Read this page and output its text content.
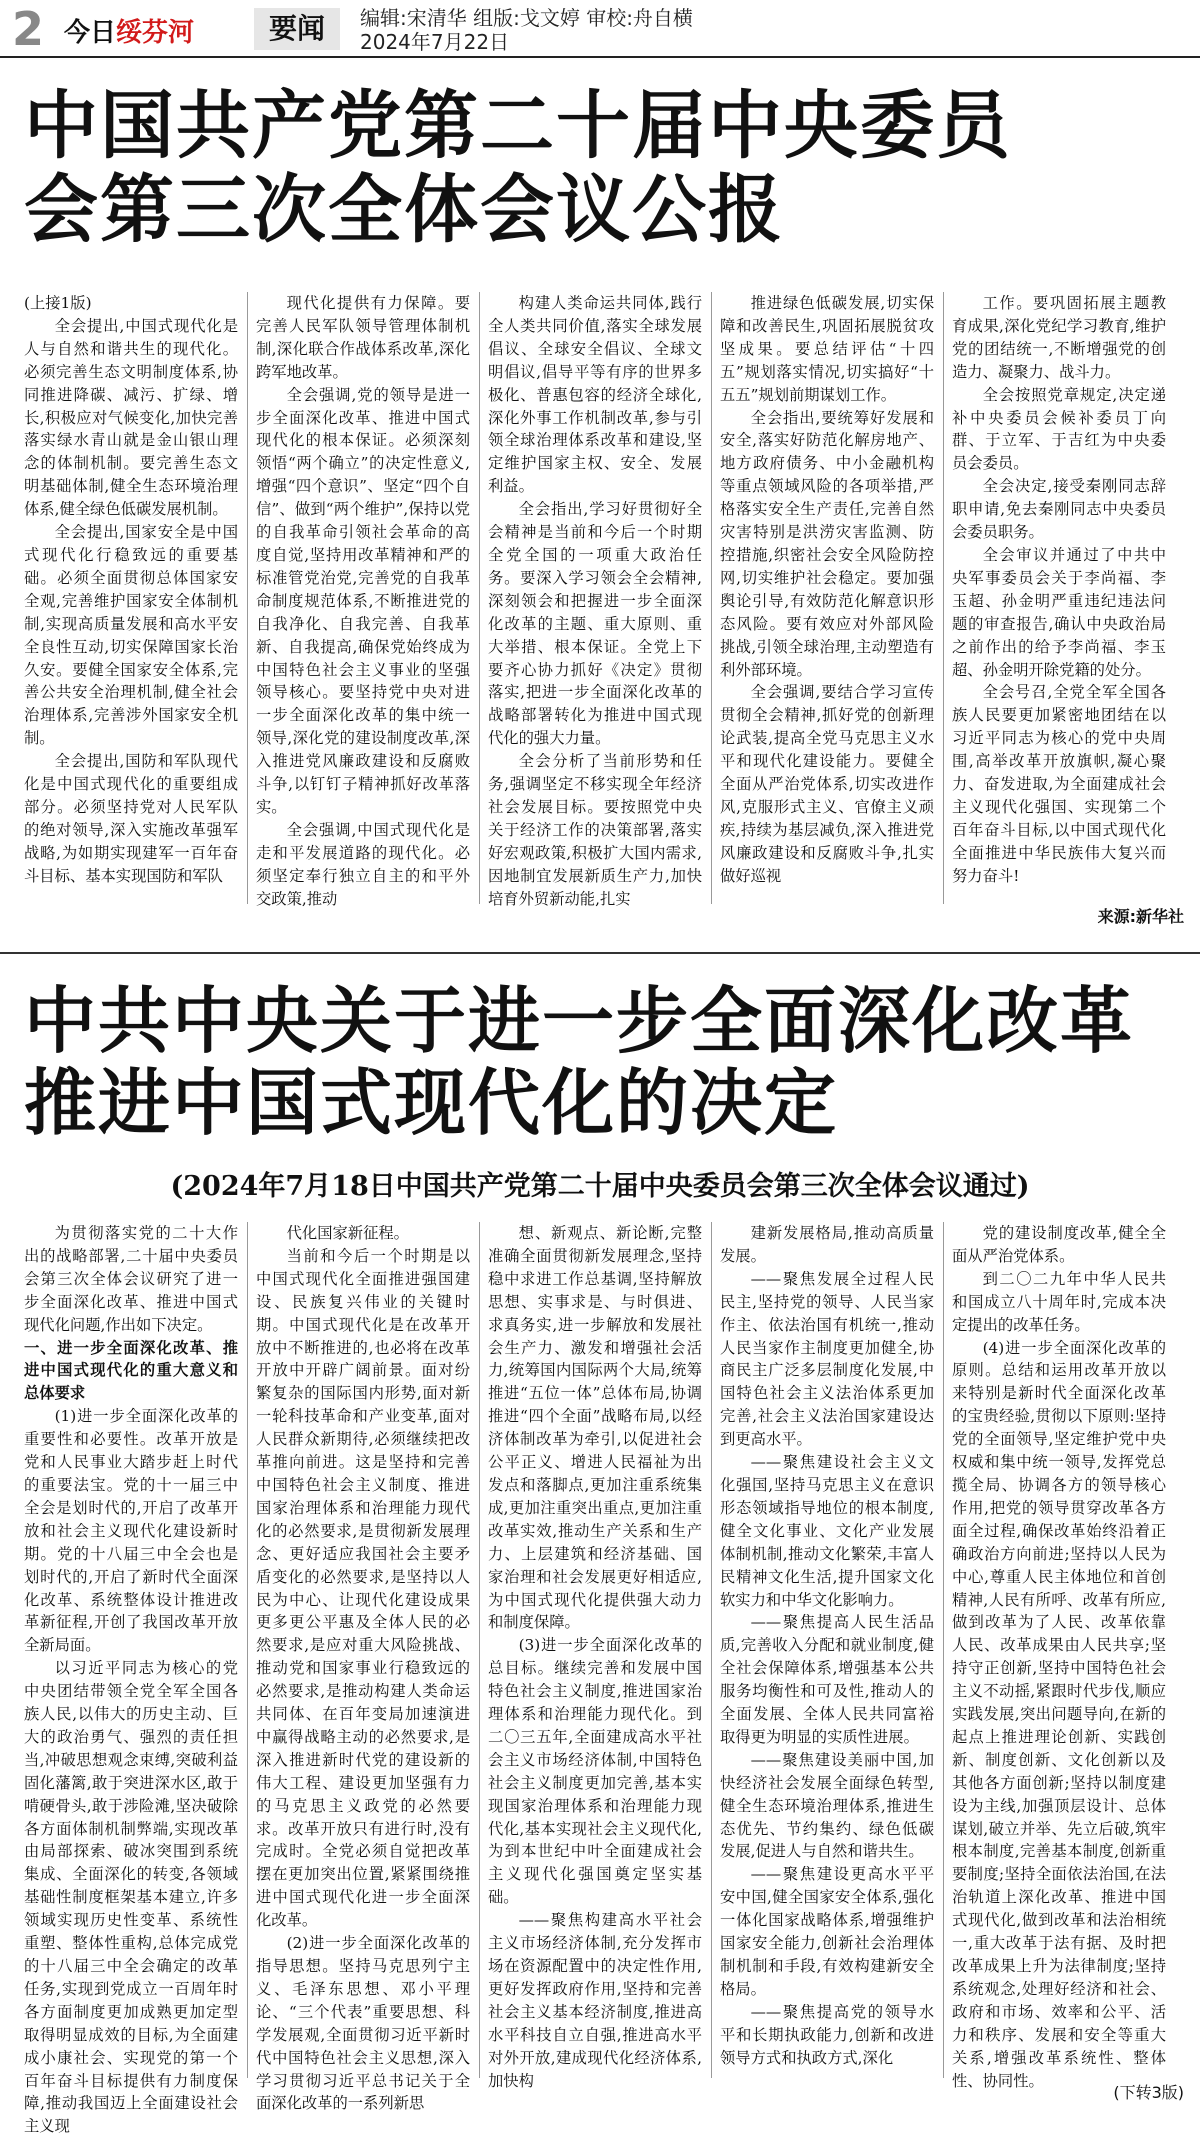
2 今日绥芬河	要闻	编辑:宋清华 组版:戈文婷 审校:舟自横
2024年7月22日
中国共产党第二十届中央委员
会第三次全体会议公报

(上接1版)

全会提出,中国式现代化是人与自然和谐共生的现代化。必须完善生态文明制度体系,协同推进降碳、减污、扩绿、增长,积极应对气候变化,加快完善落实绿水青山就是金山银山理念的体制机制。要完善生态文明基础体制,健全生态环境治理体系,健全绿色低碳发展机制。

全会提出,国家安全是中国式现代化行稳致远的重要基础。必须全面贯彻总体国家安全观,完善维护国家安全体制机制,实现高质量发展和高水平安全良性互动,切实保障国家长治久安。要健全国家安全体系,完善公共安全治理机制,健全社会治理体系,完善涉外国家安全机制。

全会提出,国防和军队现代化是中国式现代化的重要组成部分。必须坚持党对人民军队的绝对领导,深入实施改革强军战略,为如期实现建军一百年奋斗目标、基本实现国防和军队

现代化提供有力保障。要完善人民军队领导管理体制机制,深化联合作战体系改革,深化跨军地改革。

全会强调,党的领导是进一步全面深化改革、推进中国式现代化的根本保证。必须深刻领悟“两个确立”的决定性意义,增强“四个意识”、坚定“四个自信”、做到“两个维护”,保持以党的自我革命引领社会革命的高度自觉,坚持用改革精神和严的标准管党治党,完善党的自我革命制度规范体系,不断推进党的自我净化、自我完善、自我革新、自我提高,确保党始终成为中国特色社会主义事业的坚强领导核心。要坚持党中央对进一步全面深化改革的集中统一领导,深化党的建设制度改革,深入推进党风廉政建设和反腐败斗争,以钉钉子精神抓好改革落实。

全会强调,中国式现代化是走和平发展道路的现代化。必须坚定奉行独立自主的和平外交政策,推动

构建人类命运共同体,践行全人类共同价值,落实全球发展倡议、全球安全倡议、全球文明倡议,倡导平等有序的世界多极化、普惠包容的经济全球化,深化外事工作机制改革,参与引领全球治理体系改革和建设,坚定维护国家主权、安全、发展利益。

全会指出,学习好贯彻好全会精神是当前和今后一个时期全党全国的一项重大政治任务。要深入学习领会全会精神,深刻领会和把握进一步全面深化改革的主题、重大原则、重大举措、根本保证。全党上下要齐心协力抓好《决定》贯彻落实,把进一步全面深化改革的战略部署转化为推进中国式现代化的强大力量。

全会分析了当前形势和任务,强调坚定不移实现全年经济社会发展目标。要按照党中央关于经济工作的决策部署,落实好宏观政策,积极扩大国内需求,因地制宜发展新质生产力,加快培育外贸新动能,扎实

推进绿色低碳发展,切实保障和改善民生,巩固拓展脱贫攻坚成果。要总结评估“十四五”规划落实情况,切实搞好“十五五”规划前期谋划工作。

全会指出,要统筹好发展和安全,落实好防范化解房地产、地方政府债务、中小金融机构等重点领域风险的各项举措,严格落实安全生产责任,完善自然灾害特别是洪涝灾害监测、防控措施,织密社会安全风险防控网,切实维护社会稳定。要加强舆论引导,有效防范化解意识形态风险。要有效应对外部风险挑战,引领全球治理,主动塑造有利外部环境。

全会强调,要结合学习宣传贯彻全会精神,抓好党的创新理论武装,提高全党马克思主义水平和现代化建设能力。要健全全面从严治党体系,切实改进作风,克服形式主义、官僚主义顽疾,持续为基层减负,深入推进党风廉政建设和反腐败斗争,扎实做好巡视

工作。要巩固拓展主题教育成果,深化党纪学习教育,维护党的团结统一,不断增强党的创造力、凝聚力、战斗力。

全会按照党章规定,决定递补中央委员会候补委员丁向群、于立军、于吉红为中央委员会委员。

全会决定,接受秦刚同志辞职申请,免去秦刚同志中央委员会委员职务。

全会审议并通过了中共中央军事委员会关于李尚福、李玉超、孙金明严重违纪违法问题的审查报告,确认中央政治局之前作出的给予李尚福、李玉超、孙金明开除党籍的处分。

全会号召,全党全军全国各族人民要更加紧密地团结在以习近平同志为核心的党中央周围,高举改革开放旗帜,凝心聚力、奋发进取,为全面建成社会主义现代化强国、实现第二个百年奋斗目标,以中国式现代化全面推进中华民族伟大复兴而努力奋斗!

来源:新华社
中共中央关于进一步全面深化改革
推进中国式现代化的决定
(2024年7月18日中国共产党第二十届中央委员会第三次全体会议通过)

为贯彻落实党的二十大作出的战略部署,二十届中央委员会第三次全体会议研究了进一步全面深化改革、推进中国式现代化问题,作出如下决定。

一、进一步全面深化改革、推进中国式现代化的重大意义和总体要求

(1)进一步全面深化改革的重要性和必要性。改革开放是党和人民事业大踏步赶上时代的重要法宝。党的十一届三中全会是划时代的,开启了改革开放和社会主义现代化建设新时期。党的十八届三中全会也是划时代的,开启了新时代全面深化改革、系统整体设计推进改革新征程,开创了我国改革开放全新局面。

以习近平同志为核心的党中央团结带领全党全军全国各族人民,以伟大的历史主动、巨大的政治勇气、强烈的责任担当,冲破思想观念束缚,突破利益固化藩篱,敢于突进深水区,敢于啃硬骨头,敢于涉险滩,坚决破除各方面体制机制弊端,实现改革由局部探索、破冰突围到系统集成、全面深化的转变,各领域基础性制度框架基本建立,许多领域实现历史性变革、系统性重塑、整体性重构,总体完成党的十八届三中全会确定的改革任务,实现到党成立一百周年时各方面制度更加成熟更加定型取得明显成效的目标,为全面建成小康社会、实现党的第一个百年奋斗目标提供有力制度保障,推动我国迈上全面建设社会主义现

代化国家新征程。

当前和今后一个时期是以中国式现代化全面推进强国建设、民族复兴伟业的关键时期。中国式现代化是在改革开放中不断推进的,也必将在改革开放中开辟广阔前景。面对纷繁复杂的国际国内形势,面对新一轮科技革命和产业变革,面对人民群众新期待,必须继续把改革推向前进。这是坚持和完善中国特色社会主义制度、推进国家治理体系和治理能力现代化的必然要求,是贯彻新发展理念、更好适应我国社会主要矛盾变化的必然要求,是坚持以人民为中心、让现代化建设成果更多更公平惠及全体人民的必然要求,是应对重大风险挑战、推动党和国家事业行稳致远的必然要求,是推动构建人类命运共同体、在百年变局加速演进中赢得战略主动的必然要求,是深入推进新时代党的建设新的伟大工程、建设更加坚强有力的马克思主义政党的必然要求。改革开放只有进行时,没有完成时。全党必须自觉把改革摆在更加突出位置,紧紧围绕推进中国式现代化进一步全面深化改革。

(2)进一步全面深化改革的指导思想。坚持马克思列宁主义、毛泽东思想、邓小平理论、“三个代表”重要思想、科学发展观,全面贯彻习近平新时代中国特色社会主义思想,深入学习贯彻习近平总书记关于全面深化改革的一系列新思

想、新观点、新论断,完整准确全面贯彻新发展理念,坚持稳中求进工作总基调,坚持解放思想、实事求是、与时俱进、求真务实,进一步解放和发展社会生产力、激发和增强社会活力,统筹国内国际两个大局,统筹推进“五位一体”总体布局,协调推进“四个全面”战略布局,以经济体制改革为牵引,以促进社会公平正义、增进人民福祉为出发点和落脚点,更加注重系统集成,更加注重突出重点,更加注重改革实效,推动生产关系和生产力、上层建筑和经济基础、国家治理和社会发展更好相适应,为中国式现代化提供强大动力和制度保障。

(3)进一步全面深化改革的总目标。继续完善和发展中国特色社会主义制度,推进国家治理体系和治理能力现代化。到二〇三五年,全面建成高水平社会主义市场经济体制,中国特色社会主义制度更加完善,基本实现国家治理体系和治理能力现代化,基本实现社会主义现代化,为到本世纪中叶全面建成社会主义现代化强国奠定坚实基础。

——聚焦构建高水平社会主义市场经济体制,充分发挥市场在资源配置中的决定性作用,更好发挥政府作用,坚持和完善社会主义基本经济制度,推进高水平科技自立自强,推进高水平对外开放,建成现代化经济体系,加快构

建新发展格局,推动高质量发展。

——聚焦发展全过程人民民主,坚持党的领导、人民当家作主、依法治国有机统一,推动人民当家作主制度更加健全,协商民主广泛多层制度化发展,中国特色社会主义法治体系更加完善,社会主义法治国家建设达到更高水平。

——聚焦建设社会主义文化强国,坚持马克思主义在意识形态领域指导地位的根本制度,健全文化事业、文化产业发展体制机制,推动文化繁荣,丰富人民精神文化生活,提升国家文化软实力和中华文化影响力。

——聚焦提高人民生活品质,完善收入分配和就业制度,健全社会保障体系,增强基本公共服务均衡性和可及性,推动人的全面发展、全体人民共同富裕取得更为明显的实质性进展。

——聚焦建设美丽中国,加快经济社会发展全面绿色转型,健全生态环境治理体系,推进生态优先、节约集约、绿色低碳发展,促进人与自然和谐共生。

——聚焦建设更高水平平安中国,健全国家安全体系,强化一体化国家战略体系,增强维护国家安全能力,创新社会治理体制机制和手段,有效构建新安全格局。

——聚焦提高党的领导水平和长期执政能力,创新和改进领导方式和执政方式,深化

党的建设制度改革,健全全面从严治党体系。

到二〇二九年中华人民共和国成立八十周年时,完成本决定提出的改革任务。

(4)进一步全面深化改革的原则。总结和运用改革开放以来特别是新时代全面深化改革的宝贵经验,贯彻以下原则:坚持党的全面领导,坚定维护党中央权威和集中统一领导,发挥党总揽全局、协调各方的领导核心作用,把党的领导贯穿改革各方面全过程,确保改革始终沿着正确政治方向前进;坚持以人民为中心,尊重人民主体地位和首创精神,人民有所呼、改革有所应,做到改革为了人民、改革依靠人民、改革成果由人民共享;坚持守正创新,坚持中国特色社会主义不动摇,紧跟时代步伐,顺应实践发展,突出问题导向,在新的起点上推进理论创新、实践创新、制度创新、文化创新以及其他各方面创新;坚持以制度建设为主线,加强顶层设计、总体谋划,破立并举、先立后破,筑牢根本制度,完善基本制度,创新重要制度;坚持全面依法治国,在法治轨道上深化改革、推进中国式现代化,做到改革和法治相统一,重大改革于法有据、及时把改革成果上升为法律制度;坚持系统观念,处理好经济和社会、政府和市场、效率和公平、活力和秩序、发展和安全等重大关系,增强改革系统性、整体性、协同性。

(下转3版)
